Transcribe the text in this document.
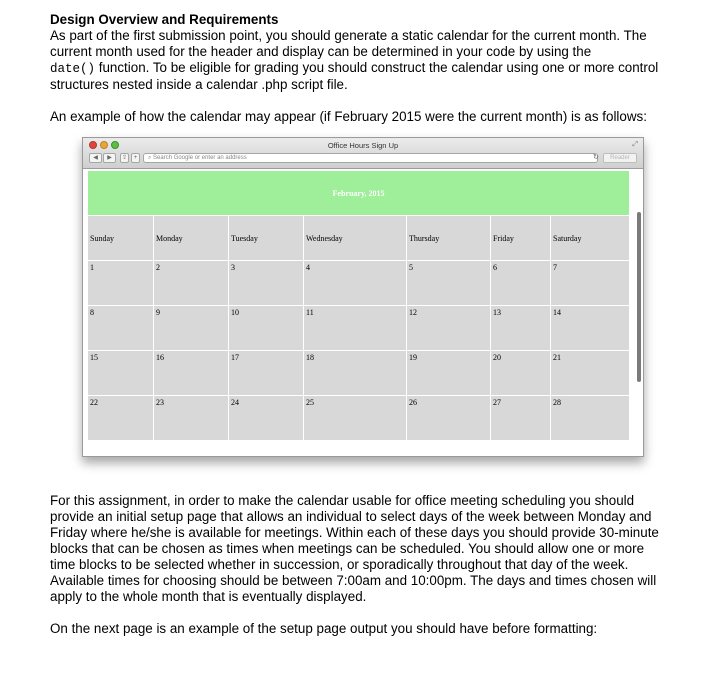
Design Overview and Requirements

As part of the first submission point, you should generate a static calendar for the current month. The
current month used for the header and display can be determined in your code by using the
date() function. To be eligible for grading you should construct the calendar using one or more control
structures nested inside a calendar .php script file.

An example of how the calendar may appear (if February 2015 were the current month) is as follows:

Office Hours Sign Up	⤢
◀	▶	⇪	+	⌕ Search Google or enter an address	↻	Reader
February, 2015						
Sunday	Monday	Tuesday	Wednesday	Thursday	Friday	Saturday
1	2	3	4	5	6	7
8	9	10	11	12	13	14
15	16	17	18	19	20	21
22	23	24	25	26	27	28

For this assignment, in order to make the calendar usable for office meeting scheduling you should
provide an initial setup page that allows an individual to select days of the week between Monday and
Friday where he/she is available for meetings. Within each of these days you should provide 30-minute
blocks that can be chosen as times when meetings can be scheduled. You should allow one or more
time blocks to be selected whether in succession, or sporadically throughout that day of the week.
Available times for choosing should be between 7:00am and 10:00pm. The days and times chosen will
apply to the whole month that is eventually displayed.

On the next page is an example of the setup page output you should have before formatting:
